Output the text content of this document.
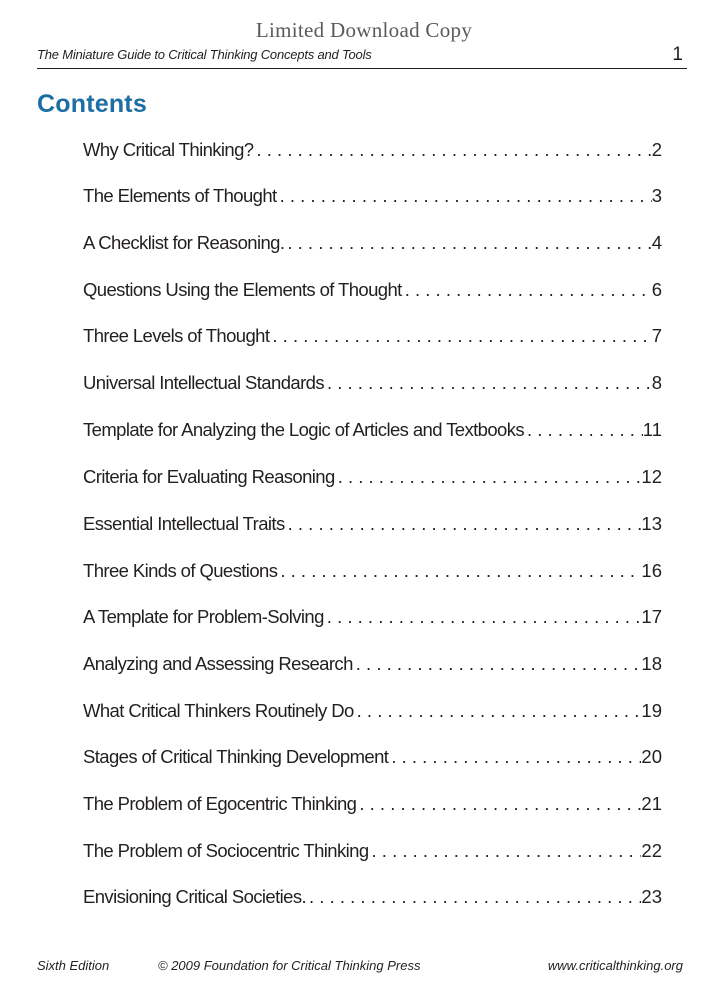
Limited Download Copy
The Miniature Guide to Critical Thinking Concepts and Tools	1
Contents
Why Critical Thinking? . . .	2
The Elements of Thought . . .	3
A Checklist for Reasoning. . . .	4
Questions Using the Elements of Thought . . .	6
Three Levels of Thought . . .	7
Universal Intellectual Standards . . .	8
Template for Analyzing the Logic of Articles and Textbooks . . .	11
Criteria for Evaluating Reasoning . . .	12
Essential Intellectual Traits . . .	13
Three Kinds of Questions . . .	16
A Template for Problem-Solving . . .	17
Analyzing and Assessing Research . . .	18
What Critical Thinkers Routinely Do . . .	19
Stages of Critical Thinking Development . . .	20
The Problem of Egocentric Thinking . . .	21
The Problem of Sociocentric Thinking . . .	22
Envisioning Critical Societies. . . .	23
Sixth Edition	© 2009 Foundation for Critical Thinking Press	www.criticalthinking.org
